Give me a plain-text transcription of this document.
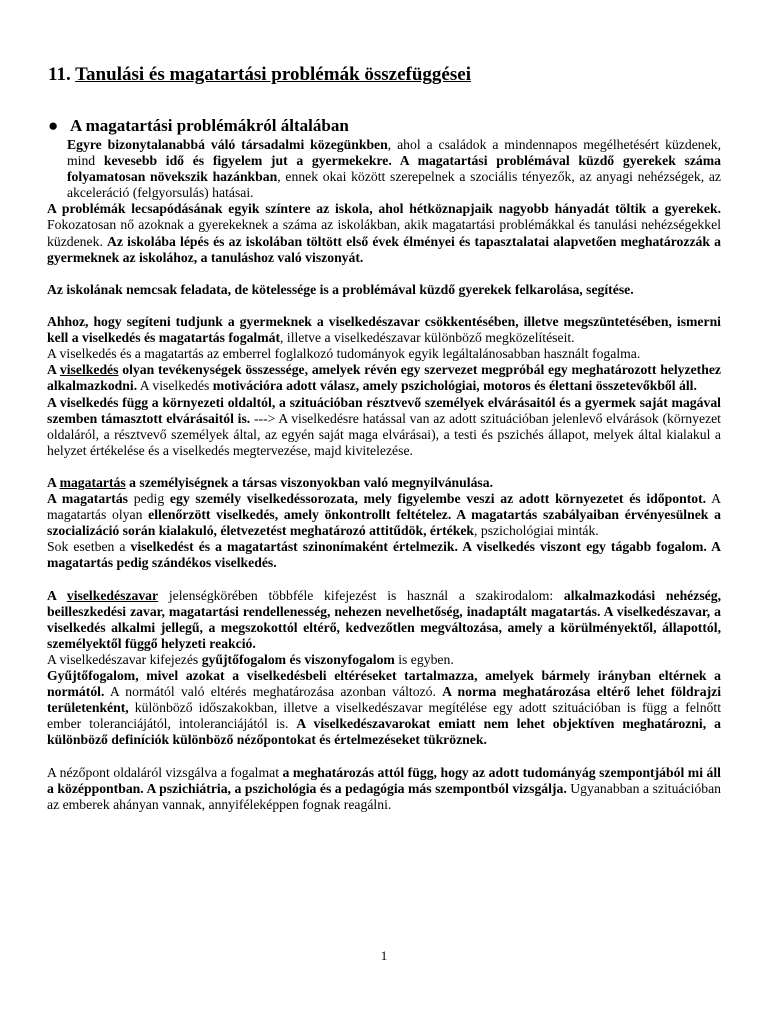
11. Tanulási és magatartási problémák összefüggései
● A magatartási problémákról általában

Egyre bizonytalanabbá váló társadalmi közegünkben, ahol a családok a mindennapos megélhetésért küzdenek, mind kevesebb idő és figyelem jut a gyermekekre. A magatartási problémával küzdő gyerekek száma folyamatosan növekszik hazánkban, ennek okai között szerepelnek a szociális tényezők, az anyagi nehézségek, az akceleráció (felgyorsulás) hatásai.

A problémák lecsapódásának egyik színtere az iskola, ahol hétköznapjaik nagyobb hányadát töltik a gyerekek. Fokozatosan nő azoknak a gyerekeknek a száma az iskolákban, akik magatartási problémákkal és tanulási nehézségekkel küzdenek. Az iskolába lépés és az iskolában töltött első évek élményei és tapasztalatai alapvetően meghatározzák a gyermeknek az iskolához, a tanuláshoz való viszonyát.

Az iskolának nemcsak feladata, de kötelessége is a problémával küzdő gyerekek felkarolása, segítése.

Ahhoz, hogy segíteni tudjunk a gyermeknek a viselkedészavar csökkentésében, illetve megszüntetésében, ismerni kell a viselkedés és magatartás fogalmát, illetve a viselkedészavar különböző megközelítéseit.

A viselkedés és a magatartás az emberrel foglalkozó tudományok egyik legáltalánosabban használt fogalma.

A viselkedés olyan tevékenységek összessége, amelyek révén egy szervezet megpróbál egy meghatározott helyzethez alkalmazkodni. A viselkedés motivációra adott válasz, amely pszichológiai, motoros és élettani összetevőkből áll.

A viselkedés függ a környezeti oldaltól, a szituációban résztvevő személyek elvárásaitól és a gyermek saját magával szemben támasztott elvárásaitól is. ---> A viselkedésre hatással van az adott szituációban jelenlevő elvárások (környezet oldaláról, a résztvevő személyek által, az egyén saját maga elvárásai), a testi és pszichés állapot, melyek által kialakul a helyzet értékelése és a viselkedés megtervezése, majd kivitelezése.

A magatartás a személyiségnek a társas viszonyokban való megnyilvánulása.

A magatartás pedig egy személy viselkedéssorozata, mely figyelembe veszi az adott környezetet és időpontot. A magatartás olyan ellenőrzött viselkedés, amely önkontrollt feltételez. A magatartás szabályaiban érvényesülnek a szocializáció során kialakuló, életvezetést meghatározó attitűdök, értékek, pszichológiai minták.

Sok esetben a viselkedést és a magatartást szinonímaként értelmezik. A viselkedés viszont egy tágabb fogalom. A magatartás pedig szándékos viselkedés.

A viselkedészavar jelenségkörében többféle kifejezést is használ a szakirodalom: alkalmazkodási nehézség, beilleszkedési zavar, magatartási rendellenesség, nehezen nevelhetőség, inadaptált magatartás. A viselkedészavar, a viselkedés alkalmi jellegű, a megszokottól eltérő, kedvezőtlen megváltozása, amely a körülményektől, állapottól, személyektől függő helyzeti reakció.

A viselkedészavar kifejezés gyűjtőfogalom és viszonyfogalom is egyben.

Gyűjtőfogalom, mivel azokat a viselkedésbeli eltéréseket tartalmazza, amelyek bármely irányban eltérnek a normától. A normától való eltérés meghatározása azonban változó. A norma meghatározása eltérő lehet földrajzi területenként, különböző időszakokban, illetve a viselkedészavar megítélése egy adott szituációban is függ a felnőtt ember toleranciájától, intoleranciájától is. A viselkedészavarokat emiatt nem lehet objektíven meghatározni, a különböző definíciók különböző nézőpontokat és értelmezéseket tükröznek.

A nézőpont oldaláról vizsgálva a fogalmat a meghatározás attól függ, hogy az adott tudományág szempontjából mi áll a középpontban. A pszichiátria, a pszichológia és a pedagógia más szempontból vizsgálja. Ugyanabban a szituációban az emberek ahányan vannak, annyiféleképpen fognak reagálni.

1
